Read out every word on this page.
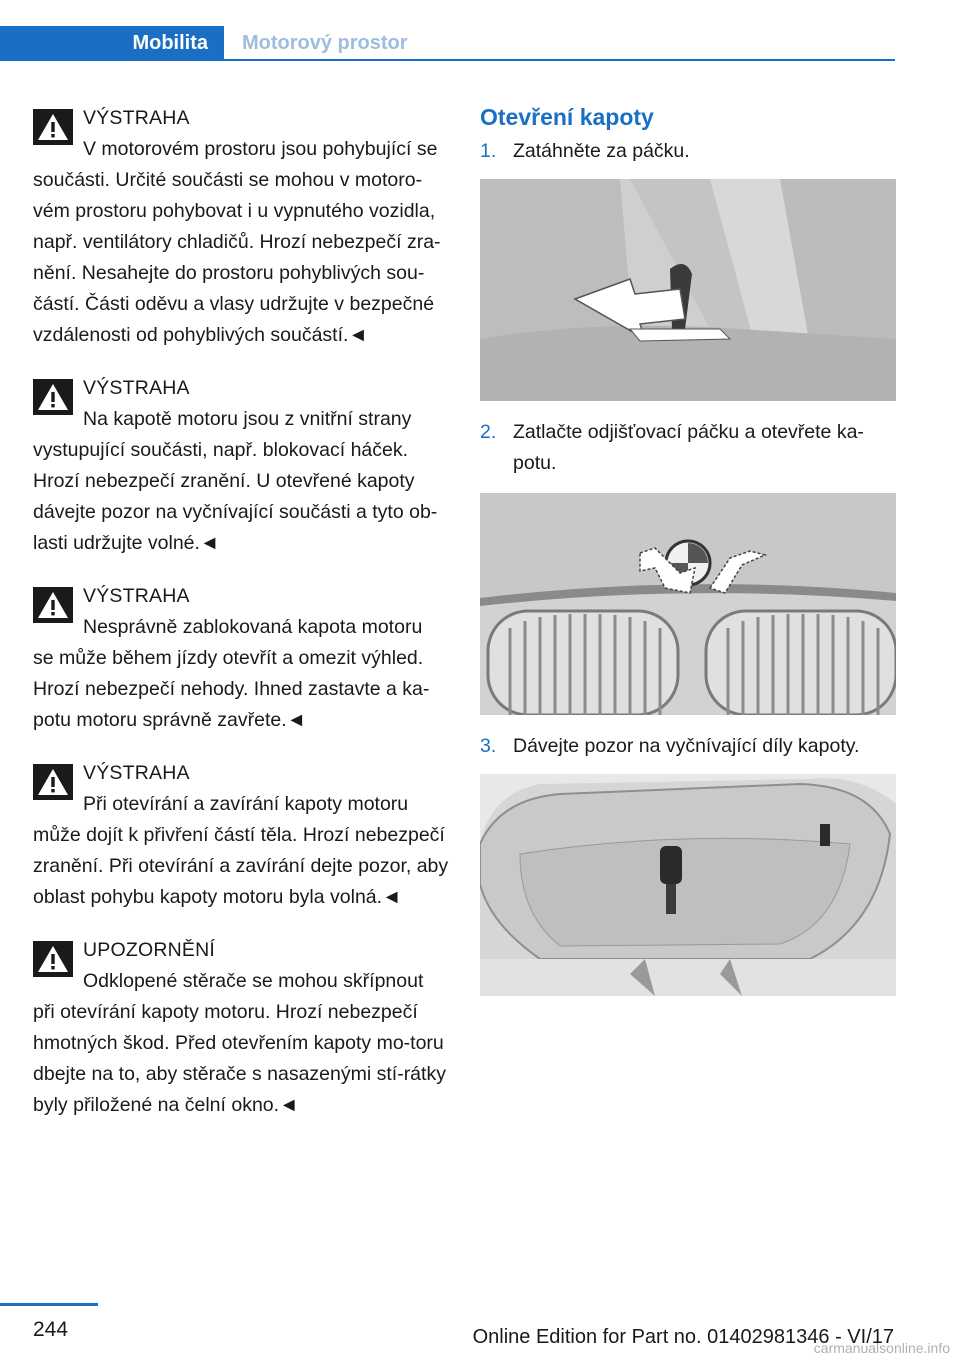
Mobilita	Motorový prostor
VÝSTRAHA
V motorovém prostoru jsou pohybující se
součásti. Určité součásti se mohou v motoro-vém prostoru pohybovat i u vypnutého vozidla, např. ventilátory chladičů. Hrozí nebezpečí zra-nění. Nesahejte do prostoru pohyblivých sou-částí. Části oděvu a vlasy udržujte v bezpečné vzdálenosti od pohyblivých součástí.◄
VÝSTRAHA
Na kapotě motoru jsou z vnitřní strany
vystupující součásti, např. blokovací háček. Hrozí nebezpečí zranění. U otevřené kapoty dávejte pozor na vyčnívající součásti a tyto ob-lasti udržujte volné.◄
VÝSTRAHA
Nesprávně zablokovaná kapota motoru
se může během jízdy otevřít a omezit výhled. Hrozí nebezpečí nehody. Ihned zastavte a ka-potu motoru správně zavřete.◄
VÝSTRAHA
Při otevírání a zavírání kapoty motoru
může dojít k přivření částí těla. Hrozí nebezpečí zranění. Při otevírání a zavírání dejte pozor, aby oblast pohybu kapoty motoru byla volná.◄
UPOZORNĚNÍ
Odklopené stěrače se mohou skřípnout
při otevírání kapoty motoru. Hrozí nebezpečí hmotných škod. Před otevřením kapoty mo-toru dbejte na to, aby stěrače s nasazenými stí-rátky byly přiložené na čelní okno.◄
Otevření kapoty
1. Zatáhněte za páčku.
2. Zatlačte odjišťovací páčku a otevřete ka-potu.
3. Dávejte pozor na vyčnívající díly kapoty.
244	Online Edition for Part no. 01402981346 - VI/17
carmanualsonline.info
